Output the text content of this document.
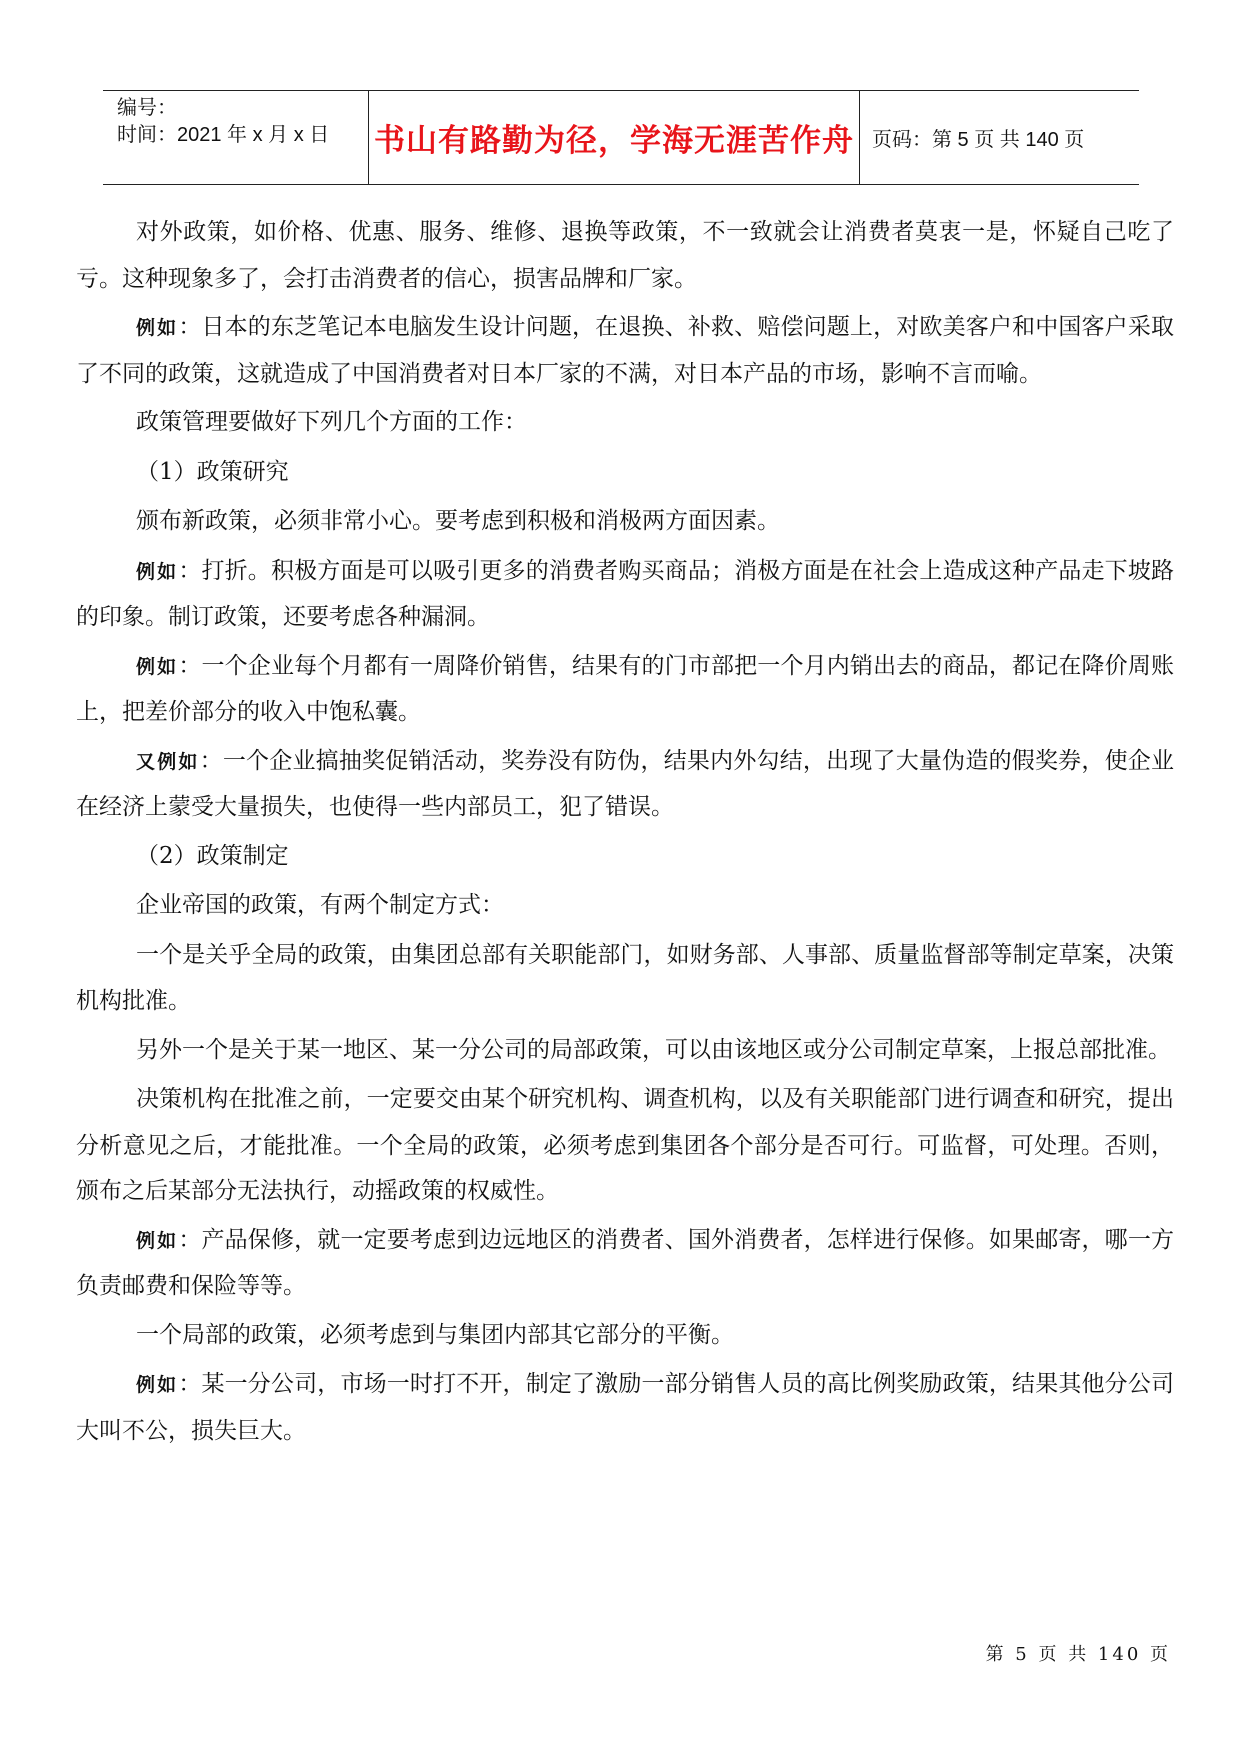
编号：
时间：2021 年 x 月 x 日	书山有路勤为径，学海无涯苦作舟 页码：第 5 页 共 140 页

对外政策，如价格、优惠、服务、维修、退换等政策，不一致就会让消费者莫衷一是，怀疑自己吃了亏。这种现象多了，会打击消费者的信心，损害品牌和厂家。

例如：日本的东芝笔记本电脑发生设计问题，在退换、补救、赔偿问题上，对欧美客户和中国客户采取了不同的政策，这就造成了中国消费者对日本厂家的不满，对日本产品的市场，影响不言而喻。

政策管理要做好下列几个方面的工作：

（1）政策研究

颁布新政策，必须非常小心。要考虑到积极和消极两方面因素。

例如：打折。积极方面是可以吸引更多的消费者购买商品；消极方面是在社会上造成这种产品走下坡路的印象。制订政策，还要考虑各种漏洞。

例如：一个企业每个月都有一周降价销售，结果有的门市部把一个月内销出去的商品，都记在降价周账上，把差价部分的收入中饱私囊。

又例如：一个企业搞抽奖促销活动，奖券没有防伪，结果内外勾结，出现了大量伪造的假奖券，使企业在经济上蒙受大量损失，也使得一些内部员工，犯了错误。

（2）政策制定

企业帝国的政策，有两个制定方式：

一个是关乎全局的政策，由集团总部有关职能部门，如财务部、人事部、质量监督部等制定草案，决策机构批准。

另外一个是关于某一地区、某一分公司的局部政策，可以由该地区或分公司制定草案，上报总部批准。

决策机构在批准之前，一定要交由某个研究机构、调查机构，以及有关职能部门进行调查和研究，提出分析意见之后，才能批准。一个全局的政策，必须考虑到集团各个部分是否可行。可监督，可处理。否则，颁布之后某部分无法执行，动摇政策的权威性。

例如：产品保修，就一定要考虑到边远地区的消费者、国外消费者，怎样进行保修。如果邮寄，哪一方负责邮费和保险等等。

一个局部的政策，必须考虑到与集团内部其它部分的平衡。

例如：某一分公司，市场一时打不开，制定了激励一部分销售人员的高比例奖励政策，结果其他分公司大叫不公，损失巨大。

第 5 页 共 140 页
